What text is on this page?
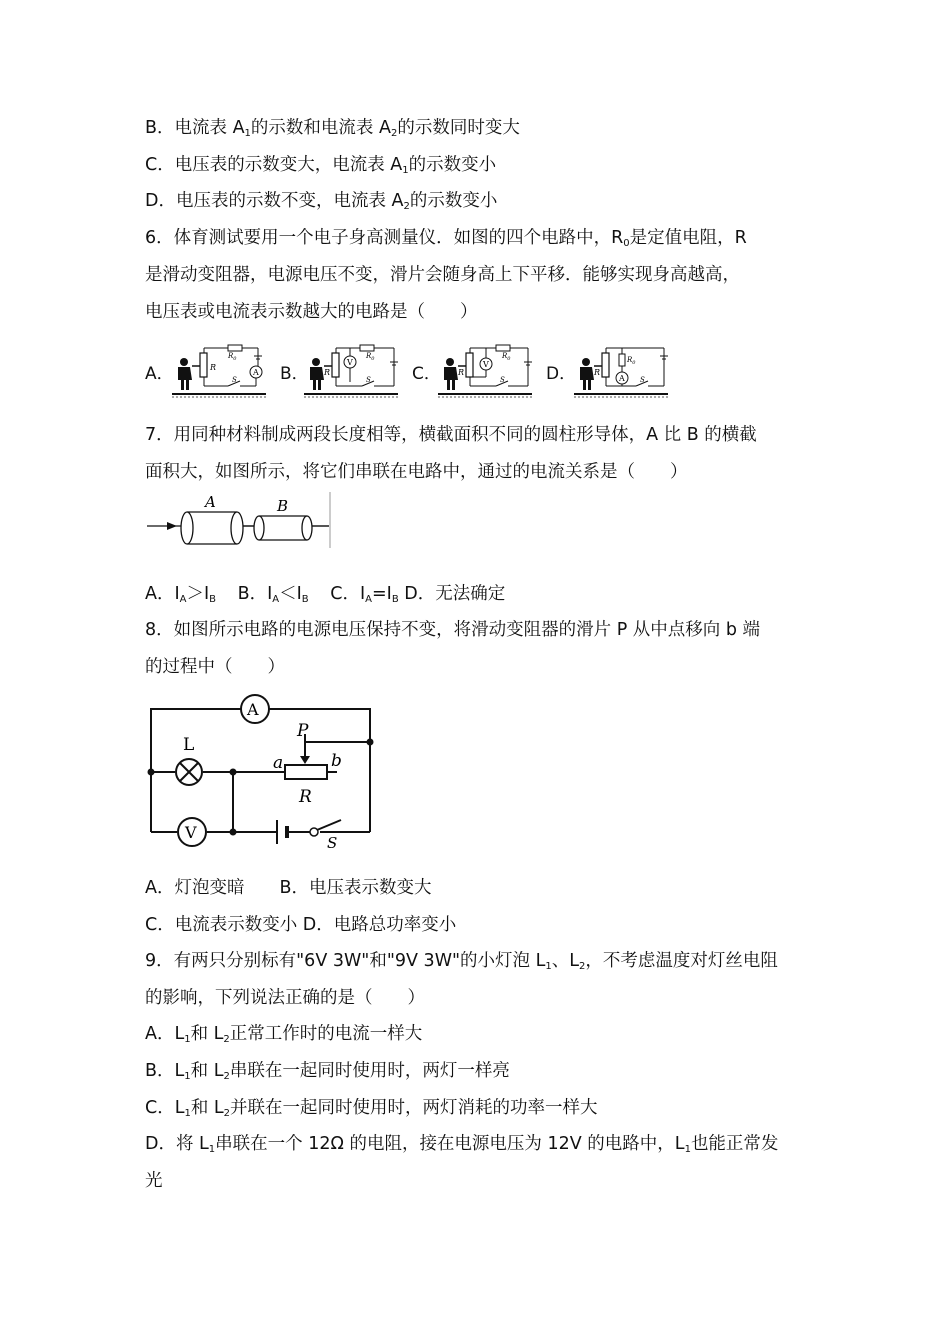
B．电流表 $A_1$的示数和电流表 $A_2$的示数同时变大
C．电压表的示数变大，电流表 $A_1$的示数变小
D．电压表的示数不变，电流表 $A_2$的示数变小
6．体育测试要用一个电子身高测量仪．如图的四个电路中，$R_0$是定值电阻，R
是滑动变阻器，电源电压不变，滑片会随身高上下平移．能够实现身高越高，
电压表或电流表示数越大的电路是（　　）
A．	B．	C．	D．
R
$R_0$
A
S
R
V
$R_0$
S
R
V
$R_0$
S
R
$R_0$
A S
7．用同种材料制成两段长度相等，横截面积不同的圆柱形导体，A 比 B 的横截
面积大，如图所示，将它们串联在电路中，通过的电流关系是（　　）
A	B
A．$I_A>I_B$ B．$I_A<I_B$ C．$I_A=I_B$ D．无法确定
8．如图所示电路的电源电压保持不变，将滑动变阻器的滑片 P 从中点移向 b 端
的过程中（　　）
A
L
P
a	b
R
V
S
A．灯泡变暗　　B．电压表示数变大
C．电流表示数变小 D．电路总功率变小
9．有两只分别标有"6V 3W"和"9V 3W"的小灯泡 $L_1$、$L_2$，不考虑温度对灯丝电阻
的影响，下列说法正确的是（　　）
A．$L_1$和 $L_2$正常工作时的电流一样大
B．$L_1$和 $L_2$串联在一起同时使用时，两灯一样亮
C．$L_1$和 $L_2$并联在一起同时使用时，两灯消耗的功率一样大
D．将 $L_1$串联在一个 12Ω 的电阻，接在电源电压为 12V 的电路中，$L_1$也能正常发
光
